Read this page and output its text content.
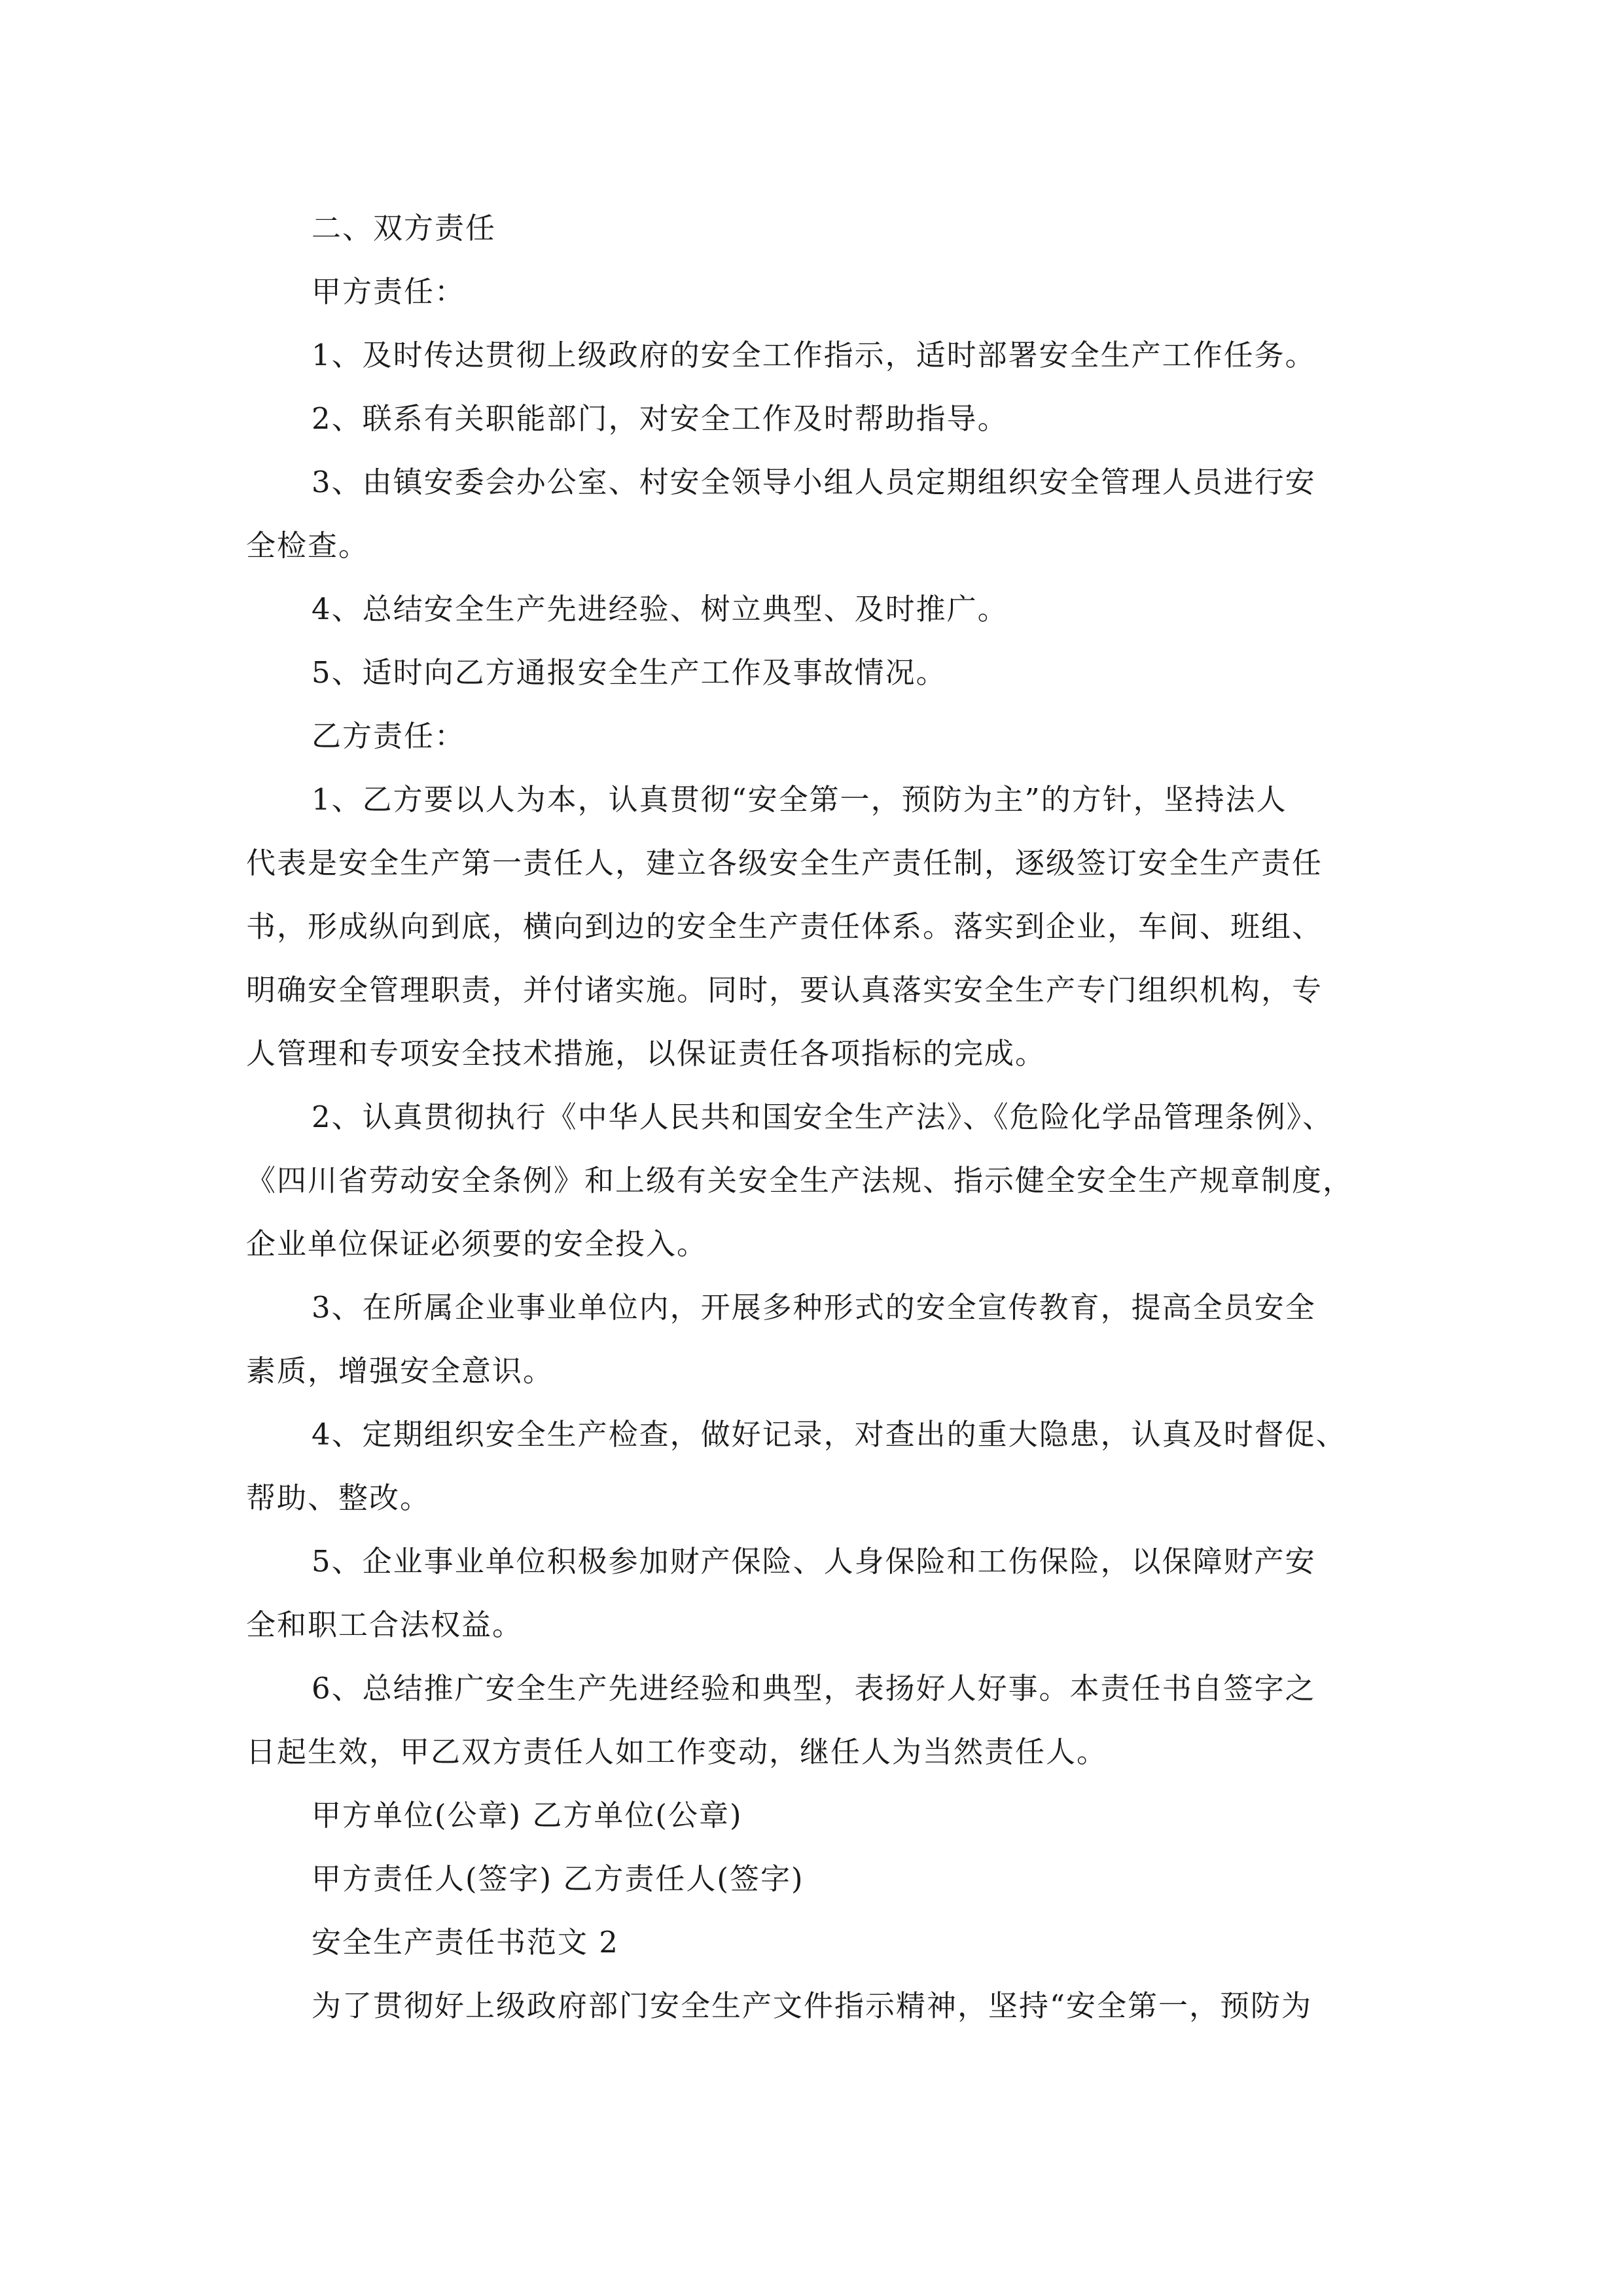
二、双方责任
甲方责任：
1、及时传达贯彻上级政府的安全工作指示，适时部署安全生产工作任务。
2、联系有关职能部门，对安全工作及时帮助指导。
3、由镇安委会办公室、村安全领导小组人员定期组织安全管理人员进行安
全检查。
4、总结安全生产先进经验、树立典型、及时推广。
5、适时向乙方通报安全生产工作及事故情况。
乙方责任：
1、乙方要以人为本，认真贯彻“安全第一，预防为主”的方针，坚持法人
代表是安全生产第一责任人，建立各级安全生产责任制，逐级签订安全生产责任
书，形成纵向到底，横向到边的安全生产责任体系。落实到企业，车间、班组、
明确安全管理职责，并付诸实施。同时，要认真落实安全生产专门组织机构，专
人管理和专项安全技术措施，以保证责任各项指标的完成。
2、认真贯彻执行《中华人民共和国安全生产法》、《危险化学品管理条例》、
《四川省劳动安全条例》和上级有关安全生产法规、指示健全安全生产规章制度，
企业单位保证必须要的安全投入。
3、在所属企业事业单位内，开展多种形式的安全宣传教育，提高全员安全
素质，增强安全意识。
4、定期组织安全生产检查，做好记录，对查出的重大隐患，认真及时督促、
帮助、整改。
5、企业事业单位积极参加财产保险、人身保险和工伤保险，以保障财产安
全和职工合法权益。
6、总结推广安全生产先进经验和典型，表扬好人好事。本责任书自签字之
日起生效，甲乙双方责任人如工作变动，继任人为当然责任人。
甲方单位(公章) 乙方单位(公章)
甲方责任人(签字) 乙方责任人(签字)
安全生产责任书范文 2
为了贯彻好上级政府部门安全生产文件指示精神，坚持“安全第一，预防为
